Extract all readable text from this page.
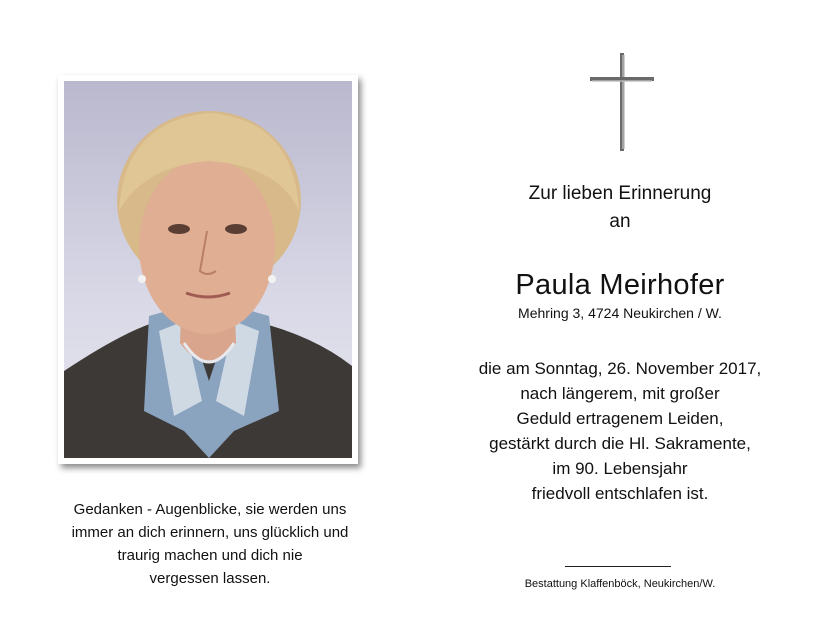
Gedanken - Augenblicke, sie werden uns
immer an dich erinnern, uns glücklich und
traurig machen und dich nie
vergessen lassen.
Zur lieben Erinnerung
an
Paula Meirhofer
Mehring 3, 4724 Neukirchen / W.
die am Sonntag, 26. November 2017,
nach längerem, mit großer
Geduld ertragenem Leiden,
gestärkt durch die Hl. Sakramente,
im 90. Lebensjahr
friedvoll entschlafen ist.
Bestattung Klaffenböck, Neukirchen/W.
